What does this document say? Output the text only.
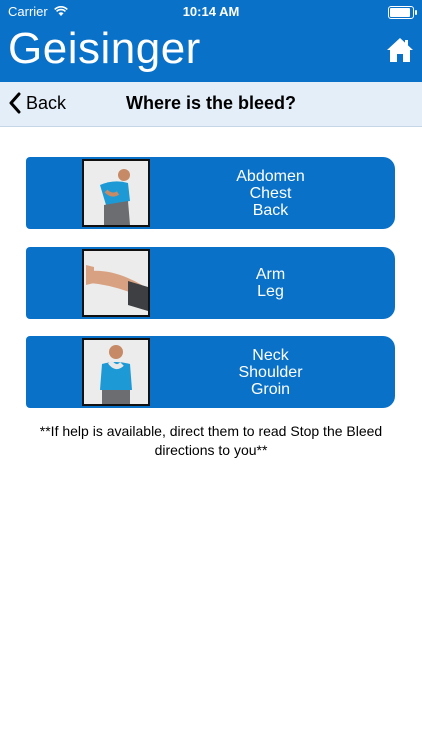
Carrier	10:14 AM
Geisinger
Back	Where is the bleed?
Abdomen
Chest
Back
Arm
Leg
Neck
Shoulder
Groin
**If help is available, direct them to read Stop the Bleed directions to you**
